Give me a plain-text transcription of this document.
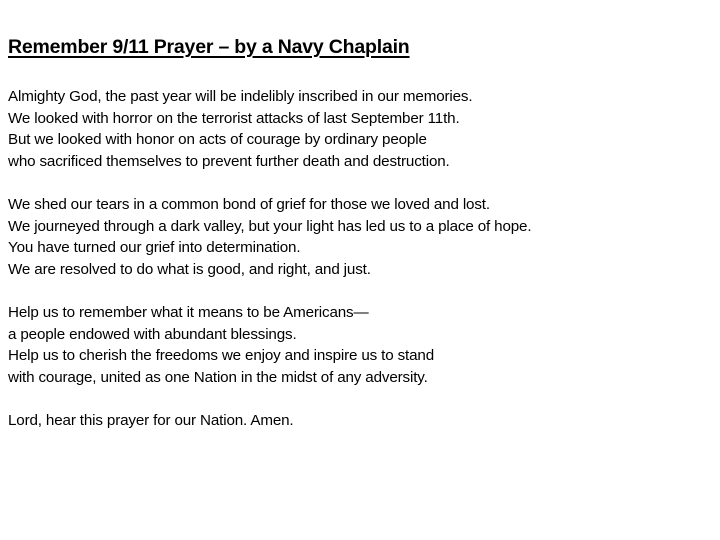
Remember 9/11 Prayer – by a Navy Chaplain
Almighty God, the past year will be indelibly inscribed in our memories.
We looked with horror on the terrorist attacks of last September 11th.
But we looked with honor on acts of courage by ordinary people
who sacrificed themselves to prevent further death and destruction.
We shed our tears in a common bond of grief for those we loved and lost.
We journeyed through a dark valley, but your light has led us to a place of hope.
You have turned our grief into determination.
We are resolved to do what is good, and right, and just.
Help us to remember what it means to be Americans—
a people endowed with abundant blessings.
Help us to cherish the freedoms we enjoy and inspire us to stand
with courage, united as one Nation in the midst of any adversity.
Lord, hear this prayer for our Nation. Amen.
